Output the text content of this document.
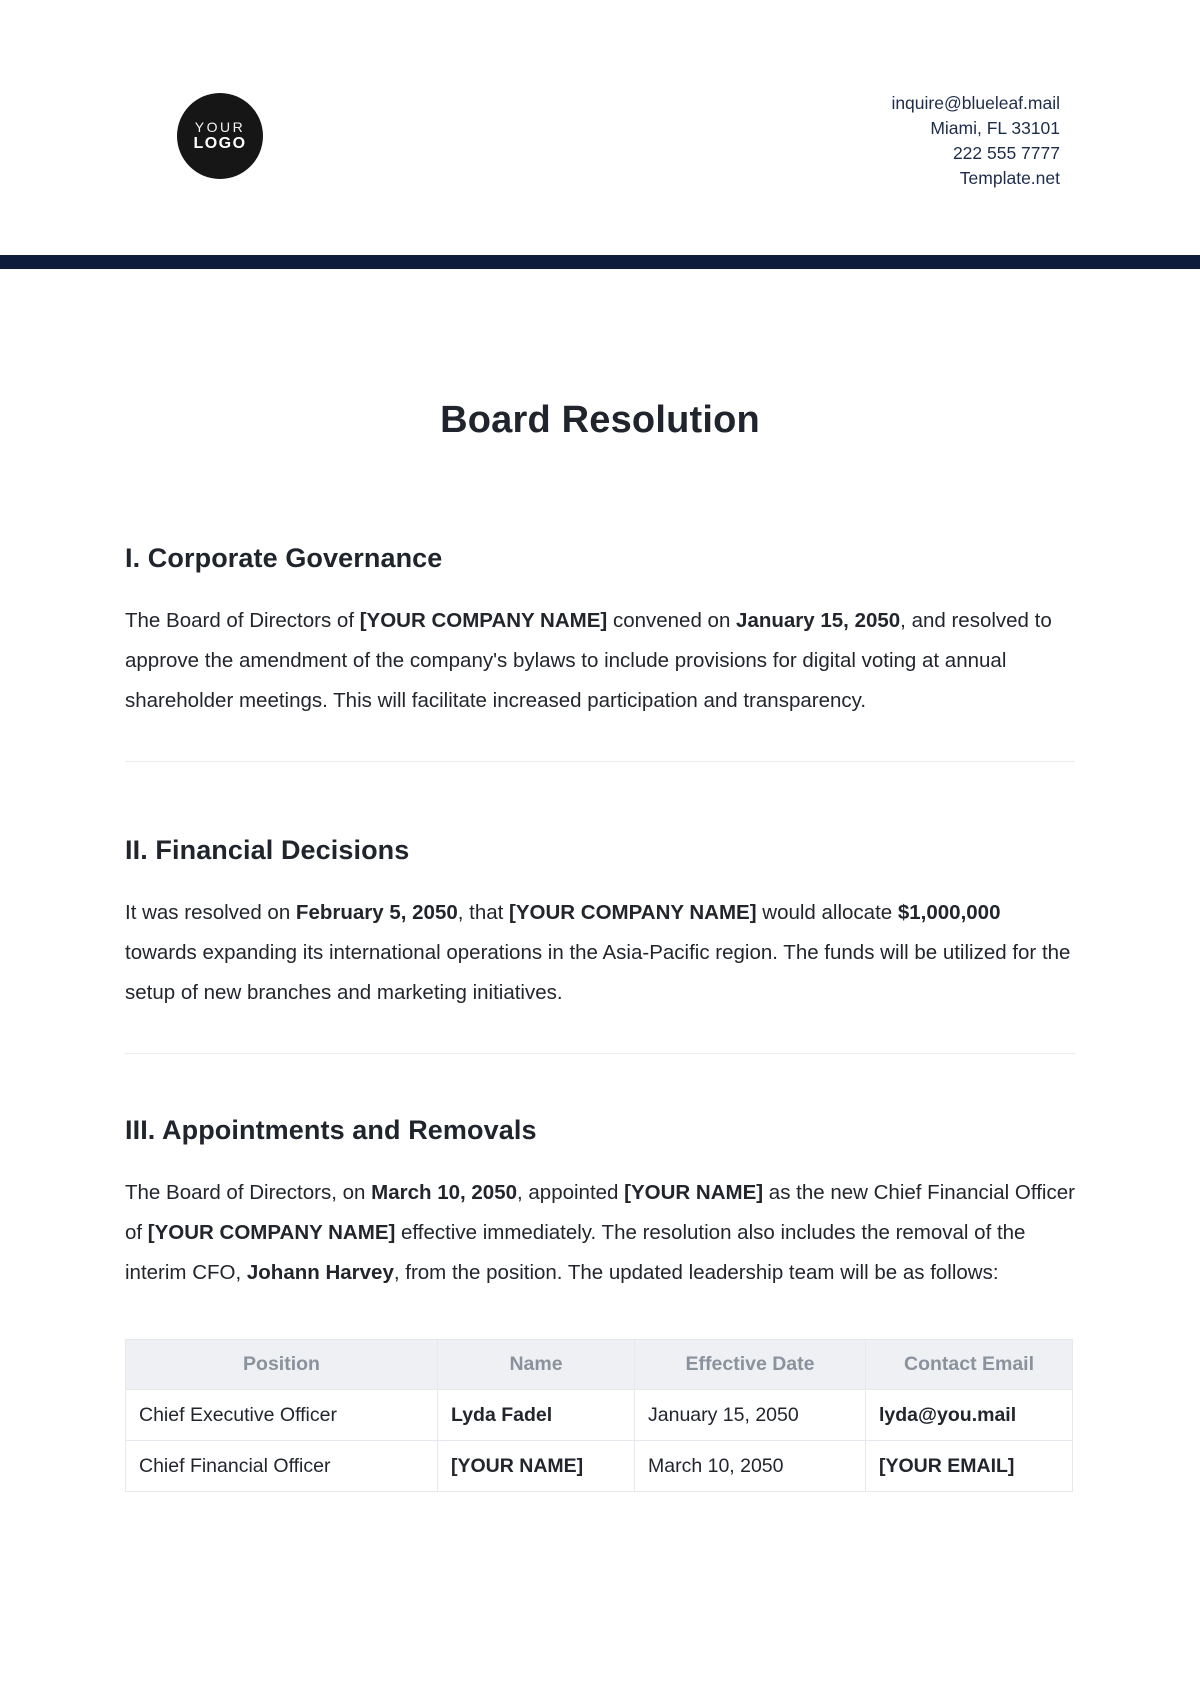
YOUR
LOGO
inquire@blueleaf.mail
Miami, FL 33101
222 555 7777
Template.net
Board Resolution
I. Corporate Governance

The Board of Directors of [YOUR COMPANY NAME] convened on January 15, 2050, and resolved to approve the amendment of the company's bylaws to include provisions for digital voting at annual shareholder meetings. This will facilitate increased participation and transparency.

II. Financial Decisions

It was resolved on February 5, 2050, that [YOUR COMPANY NAME] would allocate $1,000,000 towards expanding its international operations in the Asia-Pacific region. The funds will be utilized for the setup of new branches and marketing initiatives.

III. Appointments and Removals

The Board of Directors, on March 10, 2050, appointed [YOUR NAME] as the new Chief Financial Officer of [YOUR COMPANY NAME] effective immediately. The resolution also includes the removal of the interim CFO, Johann Harvey, from the position. The updated leadership team will be as follows:

Position	Name	Effective Date	Contact Email
Chief Executive Officer	Lyda Fadel	January 15, 2050	lyda@you.mail
Chief Financial Officer	[YOUR NAME]	March 10, 2050	[YOUR EMAIL]
